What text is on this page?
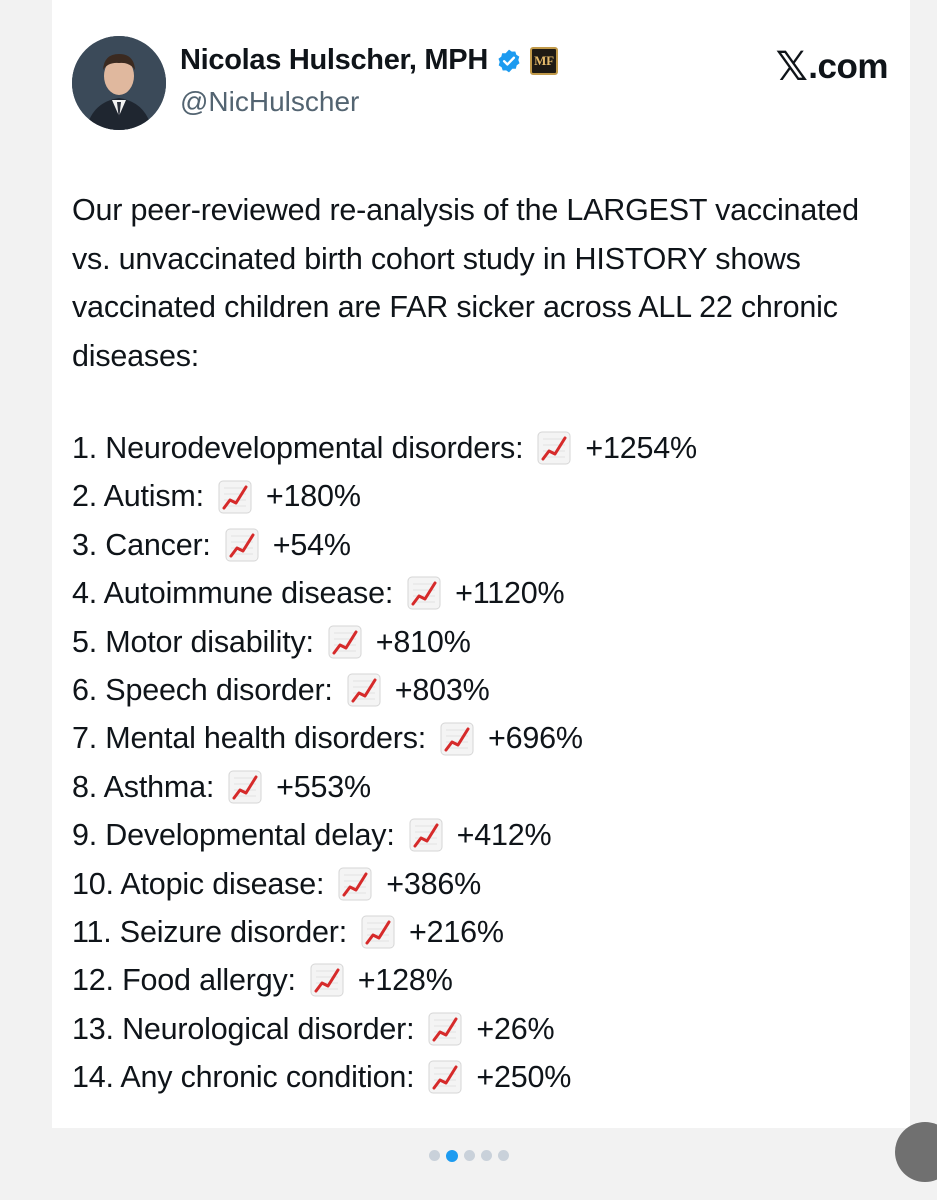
Nicolas Hulscher, MPH	MF
@NicHulscher
𝕏 .com
Our peer-reviewed re-analysis of the LARGEST vaccinated vs. unvaccinated birth cohort study in HISTORY shows vaccinated children are FAR sicker across ALL 22 chronic diseases:
1. Neurodevelopmental disorders: +1254%
2. Autism: +180%
3. Cancer: +54%
4. Autoimmune disease: +1120%
5. Motor disability: +810%
6. Speech disorder: +803%
7. Mental health disorders: +696%
8. Asthma: +553%
9. Developmental delay: +412%
10. Atopic disease: +386%
11. Seizure disorder: +216%
12. Food allergy: +128%
13. Neurological disorder: +26%
14. Any chronic condition: +250%
